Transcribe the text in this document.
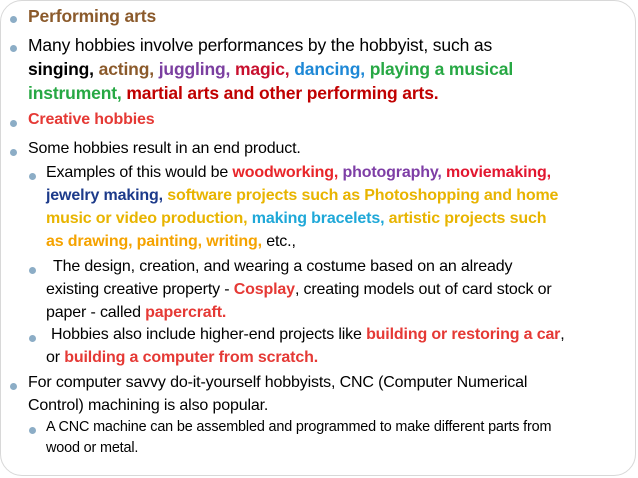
Performing arts
Many hobbies involve performances by the hobbyist, such as
singing, acting, juggling, magic, dancing, playing a musical
instrument, martial arts and other performing arts.
Creative hobbies
Some hobbies result in an end product.
Examples of this would be woodworking, photography, moviemaking,
jewelry making, software projects such as Photoshopping and home
music or video production, making bracelets, artistic projects such
as drawing, painting, writing, etc.,
The design, creation, and wearing a costume based on an already
existing creative property - Cosplay, creating models out of card stock or
paper - called papercraft.
Hobbies also include higher-end projects like building or restoring a car,
or building a computer from scratch.
For computer savvy do-it-yourself hobbyists, CNC (Computer Numerical
Control) machining is also popular.
A CNC machine can be assembled and programmed to make different parts from
wood or metal.
